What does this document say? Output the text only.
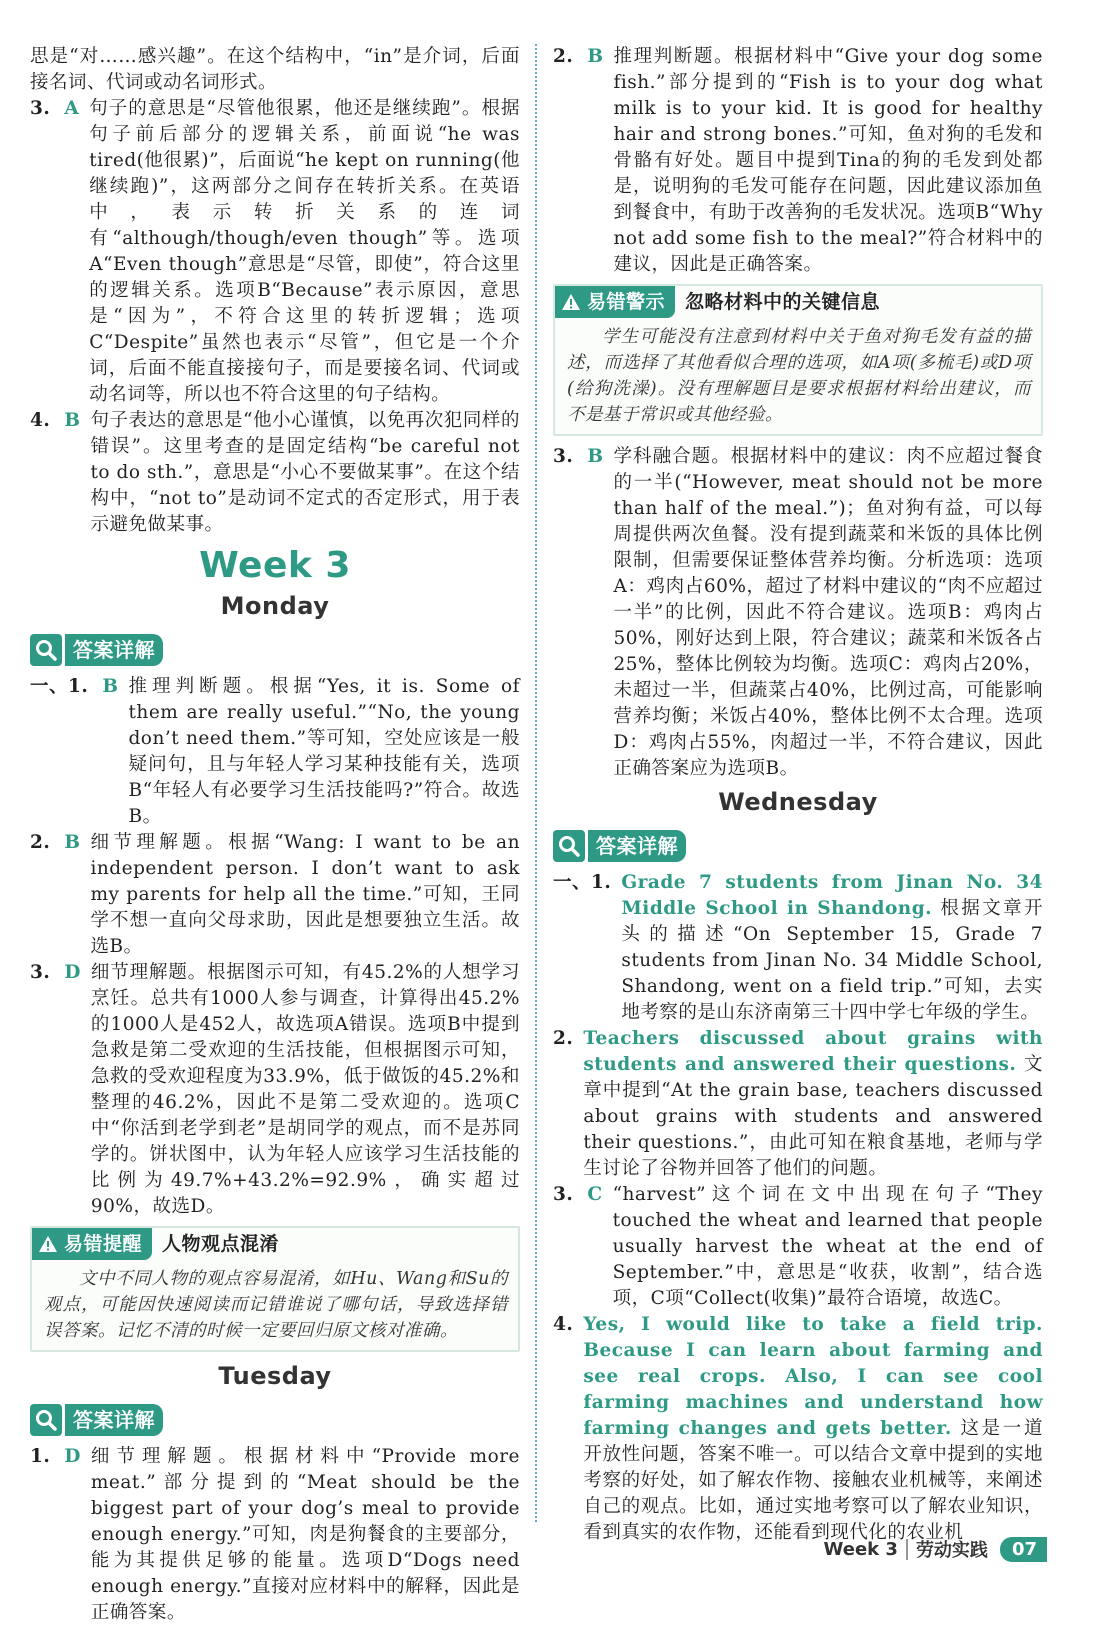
思是“对……感兴趣”。在这个结构中，“in”是介词，后面接名词、代词或动名词形式。

3. A 句子的意思是“尽管他很累，他还是继续跑”。根据句子前后部分的逻辑关系，前面说“he was tired(他很累)”，后面说“he kept on running(他继续跑)”，这两部分之间存在转折关系。在英语中，表示转折关系的连词有“although/though/even though”等。选项A“Even though”意思是“尽管，即使”，符合这里的逻辑关系。选项B“Because”表示原因，意思是“因为”，不符合这里的转折逻辑；选项C“Despite”虽然也表示“尽管”，但它是一个介词，后面不能直接接句子，而是要接名词、代词或动名词等，所以也不符合这里的句子结构。
4. B 句子表达的意思是“他小心谨慎，以免再次犯同样的错误”。这里考查的是固定结构“be careful not to do sth.”，意思是“小心不要做某事”。在这个结构中，“not to”是动词不定式的否定形式，用于表示避免做某事。
Week 3
Monday
答案详解
一、1. B 推理判断题。根据“Yes, it is. Some of them are really useful.”“No, the young don’t need them.”等可知，空处应该是一般疑问句，且与年轻人学习某种技能有关，选项B“年轻人有必要学习生活技能吗?”符合。故选B。
2. B 细节理解题。根据“Wang: I want to be an independent person. I don’t want to ask my parents for help all the time.”可知，王同学不想一直向父母求助，因此是想要独立生活。故选B。
3. D 细节理解题。根据图示可知，有45.2%的人想学习烹饪。总共有1000人参与调查，计算得出45.2%的1000人是452人，故选项A错误。选项B中提到急救是第二受欢迎的生活技能，但根据图示可知，急救的受欢迎程度为33.9%，低于做饭的45.2%和整理的46.2%，因此不是第二受欢迎的。选项C中“你活到老学到老”是胡同学的观点，而不是苏同学的。饼状图中，认为年轻人应该学习生活技能的比例为49.7%+43.2%=92.9%，确实超过90%，故选D。
易错提醒 人物观点混淆
文中不同人物的观点容易混淆，如Hu、Wang和Su的观点，可能因快速阅读而记错谁说了哪句话，导致选择错误答案。记忆不清的时候一定要回归原文核对准确。
Tuesday
答案详解
1. D 细节理解题。根据材料中“Provide more meat.”部分提到的“Meat should be the biggest part of your dog’s meal to provide enough energy.”可知，肉是狗餐食的主要部分，能为其提供足够的能量。选项D“Dogs need enough energy.”直接对应材料中的解释，因此是正确答案。
2. B 推理判断题。根据材料中“Give your dog some fish.”部分提到的“Fish is to your dog what milk is to your kid. It is good for healthy hair and strong bones.”可知，鱼对狗的毛发和骨骼有好处。题目中提到Tina的狗的毛发到处都是，说明狗的毛发可能存在问题，因此建议添加鱼到餐食中，有助于改善狗的毛发状况。选项B“Why not add some fish to the meal?”符合材料中的建议，因此是正确答案。
易错警示 忽略材料中的关键信息
学生可能没有注意到材料中关于鱼对狗毛发有益的描述，而选择了其他看似合理的选项，如A项(多梳毛)或D项(给狗洗澡)。没有理解题目是要求根据材料给出建议，而不是基于常识或其他经验。
3. B 学科融合题。根据材料中的建议：肉不应超过餐食的一半(“However, meat should not be more than half of the meal.”)；鱼对狗有益，可以每周提供两次鱼餐。没有提到蔬菜和米饭的具体比例限制，但需要保证整体营养均衡。分析选项：选项A：鸡肉占60%，超过了材料中建议的“肉不应超过一半”的比例，因此不符合建议。选项B：鸡肉占50%，刚好达到上限，符合建议；蔬菜和米饭各占25%，整体比例较为均衡。选项C：鸡肉占20%，未超过一半，但蔬菜占40%，比例过高，可能影响营养均衡；米饭占40%，整体比例不太合理。选项D：鸡肉占55%，肉超过一半，不符合建议，因此正确答案应为选项B。
Wednesday
答案详解
一、1. Grade 7 students from Jinan No. 34 Middle School in Shandong. 根据文章开头的描述“On September 15, Grade 7 students from Jinan No. 34 Middle School, Shandong, went on a field trip.”可知，去实地考察的是山东济南第三十四中学七年级的学生。
2. Teachers discussed about grains with students and answered their questions. 文章中提到“At the grain base, teachers discussed about grains with students and answered their questions.”，由此可知在粮食基地，老师与学生讨论了谷物并回答了他们的问题。
3. C “harvest”这个词在文中出现在句子“They touched the wheat and learned that people usually harvest the wheat at the end of September.”中，意思是“收获，收割”，结合选项，C项“Collect(收集)”最符合语境，故选C。
4. Yes, I would like to take a field trip. Because I can learn about farming and see real crops. Also, I can see cool farming machines and understand how farming changes and gets better. 这是一道开放性问题，答案不唯一。可以结合文章中提到的实地考察的好处，如了解农作物、接触农业机械等，来阐述自己的观点。比如，通过实地考察可以了解农业知识，看到真实的农作物，还能看到现代化的农业机
Week 3	劳动实践	07
